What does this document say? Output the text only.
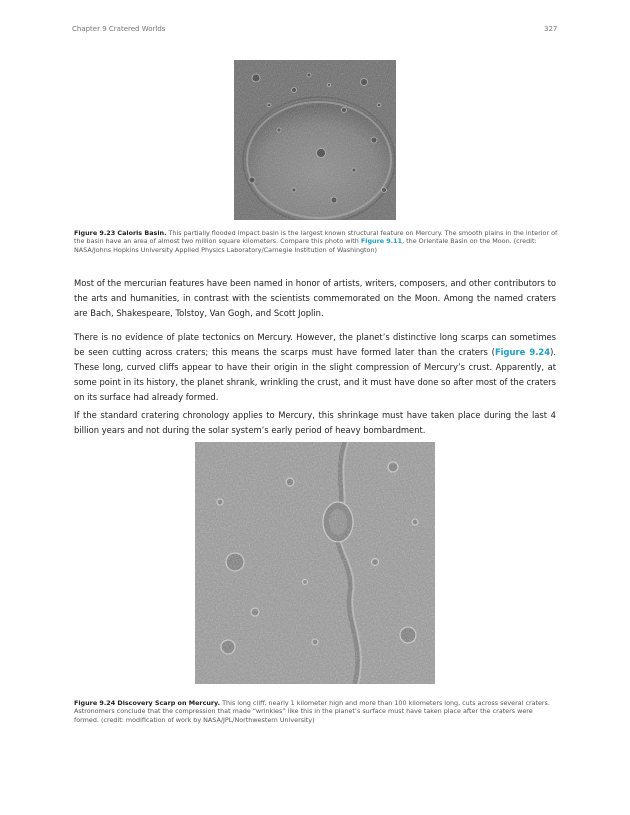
Chapter 9 Cratered Worlds	327
Figure 9.23 Caloris Basin. This partially flooded impact basin is the largest known structural feature on Mercury. The smooth plains in the interior of the basin have an area of almost two million square kilometers. Compare this photo with Figure 9.11, the Orientale Basin on the Moon. (credit: NASA/Johns Hopkins University Applied Physics Laboratory/Carnegie Institution of Washington)
Most of the mercurian features have been named in honor of artists, writers, composers, and other contributors to the arts and humanities, in contrast with the scientists commemorated on the Moon. Among the named craters are Bach, Shakespeare, Tolstoy, Van Gogh, and Scott Joplin.
There is no evidence of plate tectonics on Mercury. However, the planet’s distinctive long scarps can sometimes be seen cutting across craters; this means the scarps must have formed later than the craters (Figure 9.24). These long, curved cliffs appear to have their origin in the slight compression of Mercury’s crust. Apparently, at some point in its history, the planet shrank, wrinkling the crust, and it must have done so after most of the craters on its surface had already formed.
If the standard cratering chronology applies to Mercury, this shrinkage must have taken place during the last 4 billion years and not during the solar system’s early period of heavy bombardment.
Figure 9.24 Discovery Scarp on Mercury. This long cliff, nearly 1 kilometer high and more than 100 kilometers long, cuts across several craters. Astronomers conclude that the compression that made “wrinkles” like this in the planet’s surface must have taken place after the craters were formed. (credit: modification of work by NASA/JPL/Northwestern University)
